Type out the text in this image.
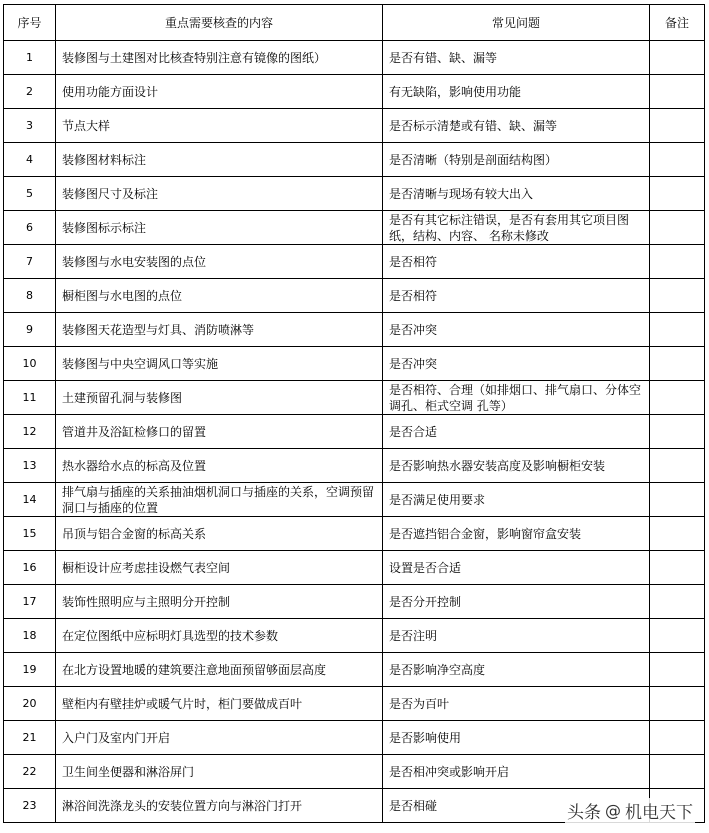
序号	重点需要核查的内容	常见问题	备注
1	装修图与土建图对比核查特别注意有镜像的图纸）	是否有错、缺、漏等	
2	使用功能方面设计	有无缺陷，影响使用功能	
3	节点大样	是否标示清楚或有错、缺、漏等	
4	装修图材料标注	是否清晰（特别是剖面结构图）	
5	装修图尺寸及标注	是否清晰与现场有较大出入	
6	装修图标示标注	是否有其它标注错误，是否有套用其它项目图纸，结构、内容、 名称未修改	
7	装修图与水电安装图的点位	是否相符	
8	橱柜图与水电图的点位	是否相符	
9	装修图天花造型与灯具、消防喷淋等	是否冲突	
10	装修图与中央空调风口等实施	是否冲突	
11	土建预留孔洞与装修图	是否相符、合理（如排烟口、排气扇口、分体空调孔、柜式空调 孔等）	
12	管道井及浴缸检修口的留置	是否合适	
13	热水器给水点的标高及位置	是否影响热水器安装高度及影响橱柜安装	
14	排气扇与插座的关系抽油烟机洞口与插座的关系，空调预留洞口与插座的位置	是否满足使用要求	
15	吊顶与铝合金窗的标高关系	是否遮挡铝合金窗，影响窗帘盒安装	
16	橱柜设计应考虑挂设燃气表空间	设置是否合适	
17	装饰性照明应与主照明分开控制	是否分开控制	
18	在定位图纸中应标明灯具选型的技术参数	是否注明	
19	在北方设置地暖的建筑要注意地面预留够面层高度	是否影响净空高度	
20	壁柜内有壁挂炉或暖气片时，柜门要做成百叶	是否为百叶	
21	入户门及室内门开启	是否影响使用	
22	卫生间坐便器和淋浴屏门	是否相冲突或影响开启	
23	淋浴间洗涤龙头的安装位置方向与淋浴门打开	是否相碰		头条 @ 机电天下
